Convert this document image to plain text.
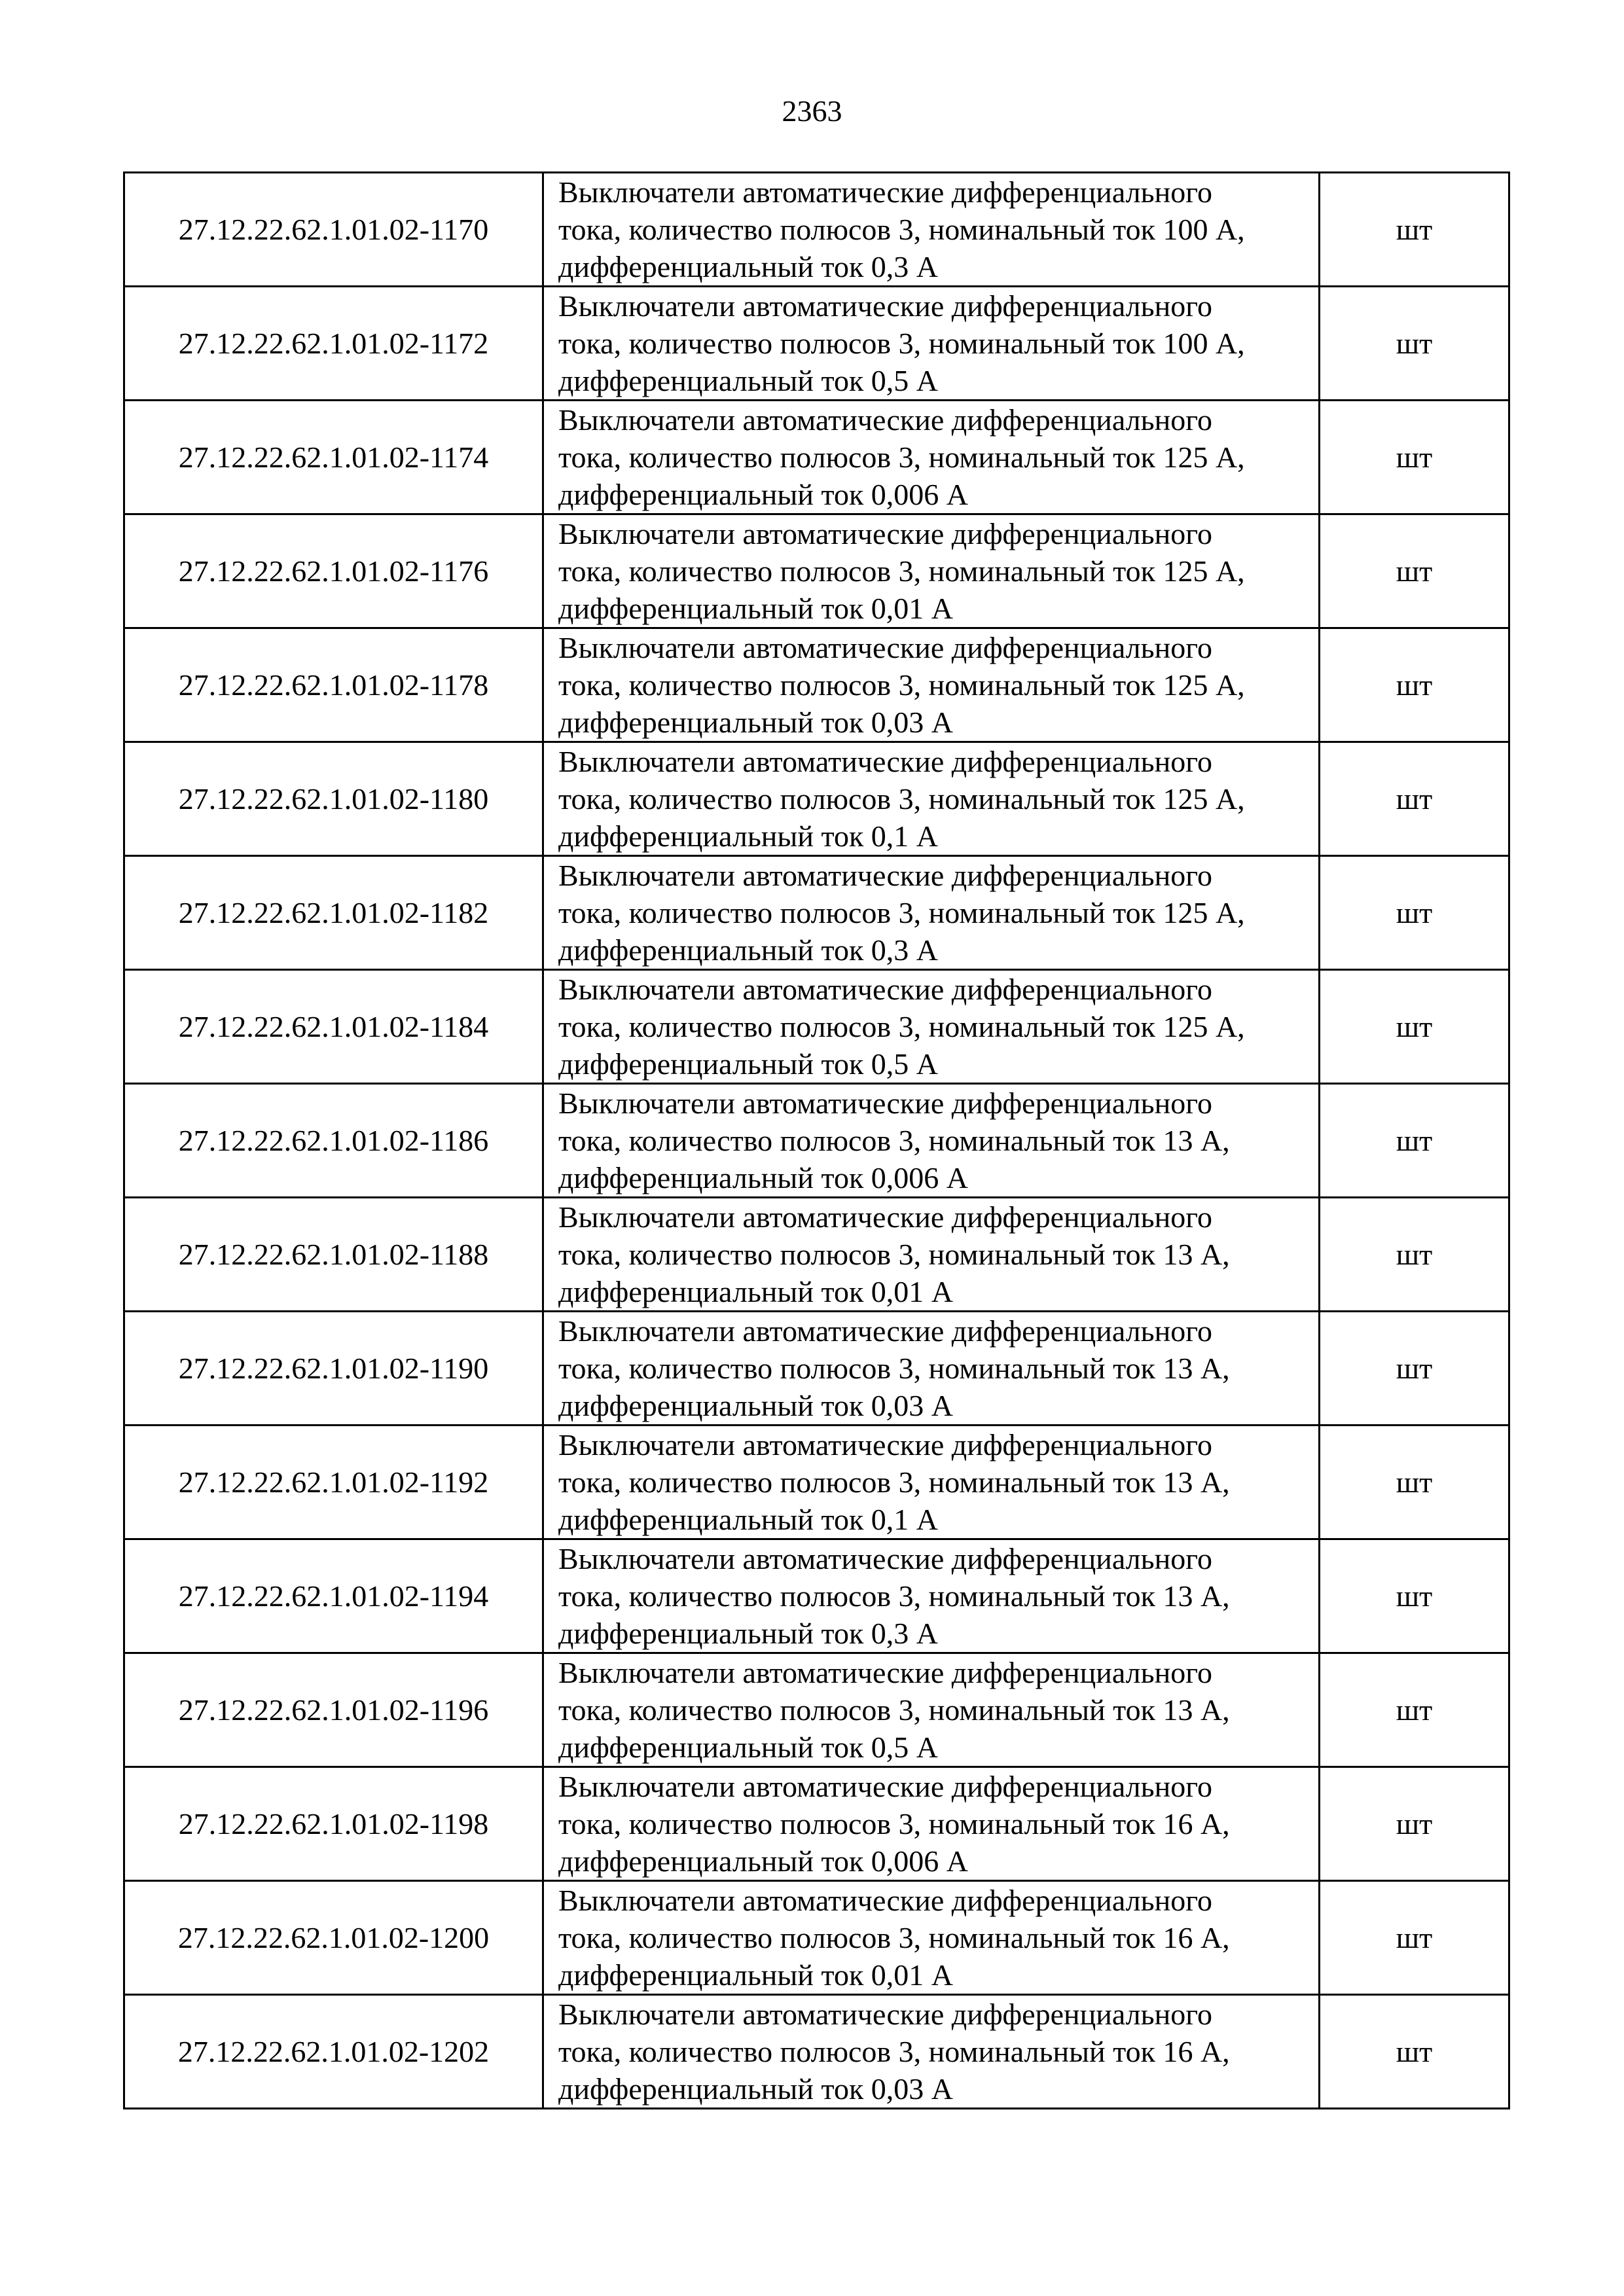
2363
27.12.22.62.1.01.02-1170	Выключатели автоматические дифференциального
тока, количество полюсов 3, номинальный ток 100 А,
дифференциальный ток 0,3 А	шт
27.12.22.62.1.01.02-1172	Выключатели автоматические дифференциального
тока, количество полюсов 3, номинальный ток 100 А,
дифференциальный ток 0,5 А	шт
27.12.22.62.1.01.02-1174	Выключатели автоматические дифференциального
тока, количество полюсов 3, номинальный ток 125 А,
дифференциальный ток 0,006 А	шт
27.12.22.62.1.01.02-1176	Выключатели автоматические дифференциального
тока, количество полюсов 3, номинальный ток 125 А,
дифференциальный ток 0,01 А	шт
27.12.22.62.1.01.02-1178	Выключатели автоматические дифференциального
тока, количество полюсов 3, номинальный ток 125 А,
дифференциальный ток 0,03 А	шт
27.12.22.62.1.01.02-1180	Выключатели автоматические дифференциального
тока, количество полюсов 3, номинальный ток 125 А,
дифференциальный ток 0,1 А	шт
27.12.22.62.1.01.02-1182	Выключатели автоматические дифференциального
тока, количество полюсов 3, номинальный ток 125 А,
дифференциальный ток 0,3 А	шт
27.12.22.62.1.01.02-1184	Выключатели автоматические дифференциального
тока, количество полюсов 3, номинальный ток 125 А,
дифференциальный ток 0,5 А	шт
27.12.22.62.1.01.02-1186	Выключатели автоматические дифференциального
тока, количество полюсов 3, номинальный ток 13 А,
дифференциальный ток 0,006 А	шт
27.12.22.62.1.01.02-1188	Выключатели автоматические дифференциального
тока, количество полюсов 3, номинальный ток 13 А,
дифференциальный ток 0,01 А	шт
27.12.22.62.1.01.02-1190	Выключатели автоматические дифференциального
тока, количество полюсов 3, номинальный ток 13 А,
дифференциальный ток 0,03 А	шт
27.12.22.62.1.01.02-1192	Выключатели автоматические дифференциального
тока, количество полюсов 3, номинальный ток 13 А,
дифференциальный ток 0,1 А	шт
27.12.22.62.1.01.02-1194	Выключатели автоматические дифференциального
тока, количество полюсов 3, номинальный ток 13 А,
дифференциальный ток 0,3 А	шт
27.12.22.62.1.01.02-1196	Выключатели автоматические дифференциального
тока, количество полюсов 3, номинальный ток 13 А,
дифференциальный ток 0,5 А	шт
27.12.22.62.1.01.02-1198	Выключатели автоматические дифференциального
тока, количество полюсов 3, номинальный ток 16 А,
дифференциальный ток 0,006 А	шт
27.12.22.62.1.01.02-1200	Выключатели автоматические дифференциального
тока, количество полюсов 3, номинальный ток 16 А,
дифференциальный ток 0,01 А	шт
27.12.22.62.1.01.02-1202	Выключатели автоматические дифференциального
тока, количество полюсов 3, номинальный ток 16 А,
дифференциальный ток 0,03 А	шт
